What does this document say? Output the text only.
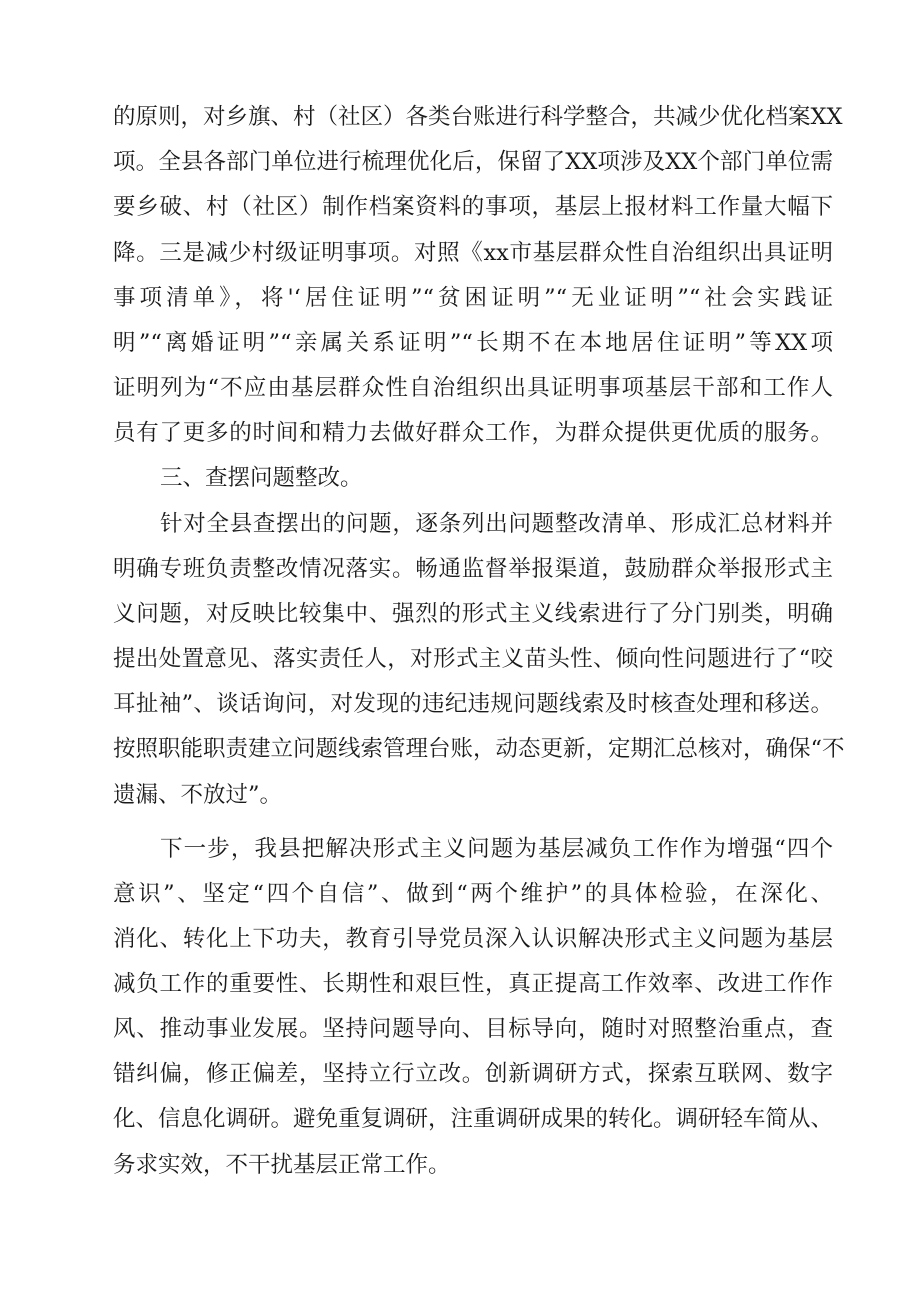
的原则，对乡旗、村（社区）各类台账进行科学整合，共减少优化档案XX
项。全县各部门单位进行梳理优化后，保留了XX项涉及XX个部门单位需
要乡破、村（社区）制作档案资料的事项，基层上报材料工作量大幅下
降。三是减少村级证明事项。对照《xx市基层群众性自治组织出具证明
事项清单》，将'‘居住证明”“贫困证明”“无业证明”“社会实践证
明”“离婚证明”“亲属关系证明”“长期不在本地居住证明”等XX项
证明列为“不应由基层群众性自治组织出具证明事项基层干部和工作人
员有了更多的时间和精力去做好群众工作，为群众提供更优质的服务。
三、查摆问题整改。
针对全县查摆出的问题，逐条列出问题整改清单、形成汇总材料并
明确专班负责整改情况落实。畅通监督举报渠道，鼓励群众举报形式主
义问题，对反映比较集中、强烈的形式主义线索进行了分门别类，明确
提出处置意见、落实责任人，对形式主义苗头性、倾向性问题进行了“咬
耳扯袖”、谈话询问，对发现的违纪违规问题线索及时核查处理和移送。
按照职能职责建立问题线索管理台账，动态更新，定期汇总核对，确保“不
遗漏、不放过”。
下一步，我县把解决形式主义问题为基层减负工作作为增强“四个
意识”、坚定“四个自信”、做到“两个维护”的具体检验，在深化、
消化、转化上下功夫，教育引导党员深入认识解决形式主义问题为基层
减负工作的重要性、长期性和艰巨性，真正提高工作效率、改进工作作
风、推动事业发展。坚持问题导向、目标导向，随时对照整治重点，查
错纠偏，修正偏差，坚持立行立改。创新调研方式，探索互联网、数字
化、信息化调研。避免重复调研，注重调研成果的转化。调研轻车简从、
务求实效，不干扰基层正常工作。
